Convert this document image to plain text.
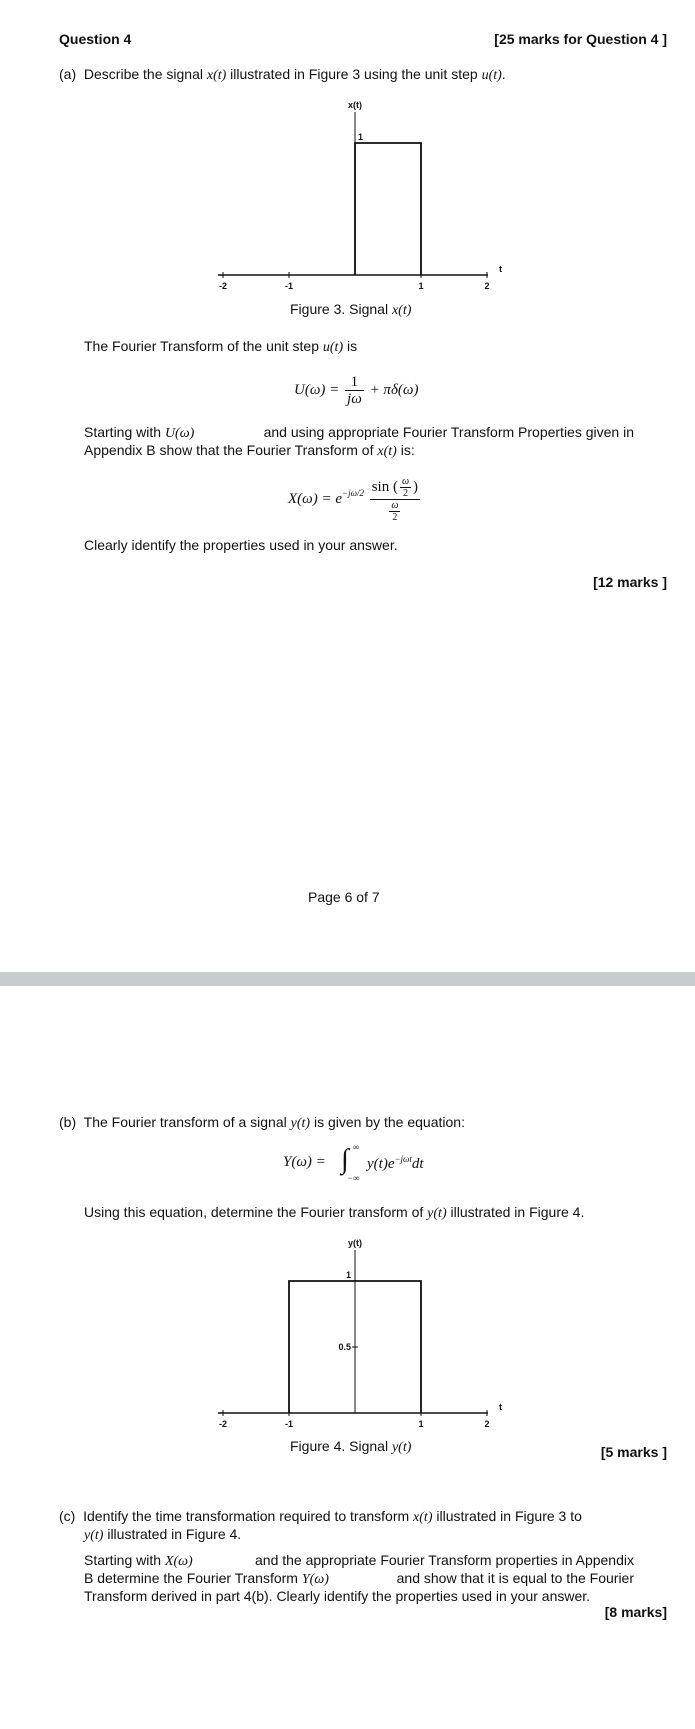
Question 4	[25 marks for Question 4 ]
(a) Describe the signal x(t) illustrated in Figure 3 using the unit step u(t).
-2	-1	1	2
t
x(t)
1
Figure 3. Signal x(t)
The Fourier Transform of the unit step u(t) is
$U(\omega) = \frac{1}{j\omega} + \pi\delta(\omega)$
Starting with U(ω)	and using appropriate Fourier Transform Properties given in
Appendix B show that the Fourier Transform of x(t) is:
$X(\omega) = e^{-j\omega/2} \frac{\sin ( \frac{\omega}{2} )}{\frac{\omega}{2}}$
Clearly identify the properties used in your answer.
[12 marks ]
Page 6 of 7
(b) The Fourier transform of a signal y(t) is given by the equation:
Y(ω) = ∫ ∞
−∞
$y(t)e^{-j\omega t}dt$
Using this equation, determine the Fourier transform of y(t) illustrated in Figure 4.
-2	-1	1	2
t
y(t)
1
0.5
Figure 4. Signal y(t)	[5 marks ]
(c) Identify the time transformation required to transform x(t) illustrated in Figure 3 to
y(t) illustrated in Figure 4.
Starting with X(ω)	and the appropriate Fourier Transform properties in Appendix
B determine the Fourier Transform Y(ω)	and show that it is equal to the Fourier
Transform derived in part 4(b). Clearly identify the properties used in your answer.
[8 marks]
